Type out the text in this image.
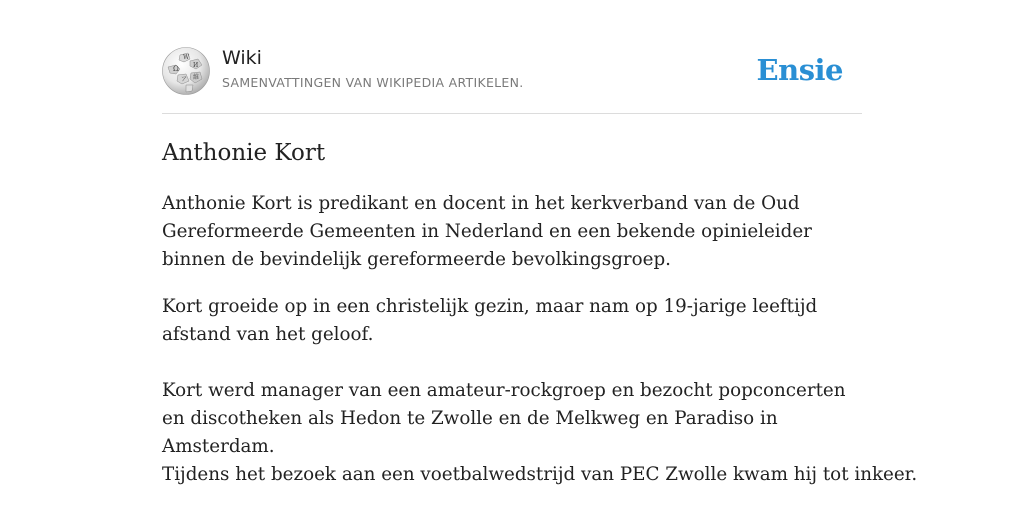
Ω
W
И
ア 維
Wiki
SAMENVATTINGEN VAN WIKIPEDIA ARTIKELEN.	Ensie
Anthonie Kort

Anthonie Kort is predikant en docent in het kerkverband van de Oud Gereformeerde Gemeenten in Nederland en een bekende opinieleider binnen de bevindelijk gereformeerde bevolkingsgroep.

Kort groeide op in een christelijk gezin, maar nam op 19-jarige leeftijd afstand van het geloof.

Kort werd manager van een amateur-rockgroep en bezocht popconcerten en discotheken als Hedon te Zwolle en de Melkweg en Paradiso in Amsterdam.

Tijdens het bezoek aan een voetbalwedstrijd van PEC Zwolle kwam hij tot inkeer.
